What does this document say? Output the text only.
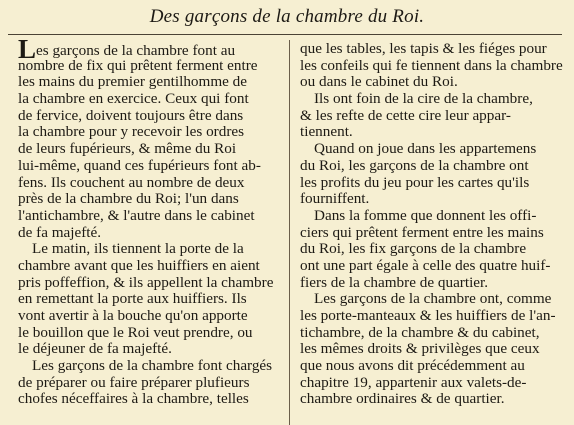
Des garçons de la chambre du Roi.
Les garçons de la chambre font au
nombre de fix qui prêtent ferment entre
les mains du premier gentilhomme de
la chambre en exercice. Ceux qui font
de fervice, doivent toujours être dans
la chambre pour y recevoir les ordres
de leurs fupérieurs, & même du Roi
lui-même, quand ces fupérieurs font ab-
fens. Ils couchent au nombre de deux
près de la chambre du Roi; l'un dans
l'antichambre, & l'autre dans le cabinet
de fa majefté.
Le matin, ils tiennent la porte de la
chambre avant que les huiffiers en aient
pris poffeffion, & ils appellent la chambre
en remettant la porte aux huiffiers. Ils
vont avertir à la bouche qu'on apporte
le bouillon que le Roi veut prendre, ou
le déjeuner de fa majefté.
Les garçons de la chambre font chargés
de préparer ou faire préparer plufieurs
chofes néceffaires à la chambre, telles
que les tables, les tapis & les fiéges pour
les confeils qui fe tiennent dans la chambre
ou dans le cabinet du Roi.
Ils ont foin de la cire de la chambre,
& les refte de cette cire leur appar-
tiennent.
Quand on joue dans les appartemens
du Roi, les garçons de la chambre ont
les profits du jeu pour les cartes qu'ils
fourniffent.
Dans la fomme que donnent les offi-
ciers qui prêtent ferment entre les mains
du Roi, les fix garçons de la chambre
ont une part égale à celle des quatre huif-
fiers de la chambre de quartier.
Les garçons de la chambre ont, comme
les porte-manteaux & les huiffiers de l'an-
tichambre, de la chambre & du cabinet,
les mêmes droits & privilèges que ceux
que nous avons dit précédemment au
chapitre 19, appartenir aux valets-de-
chambre ordinaires & de quartier.
